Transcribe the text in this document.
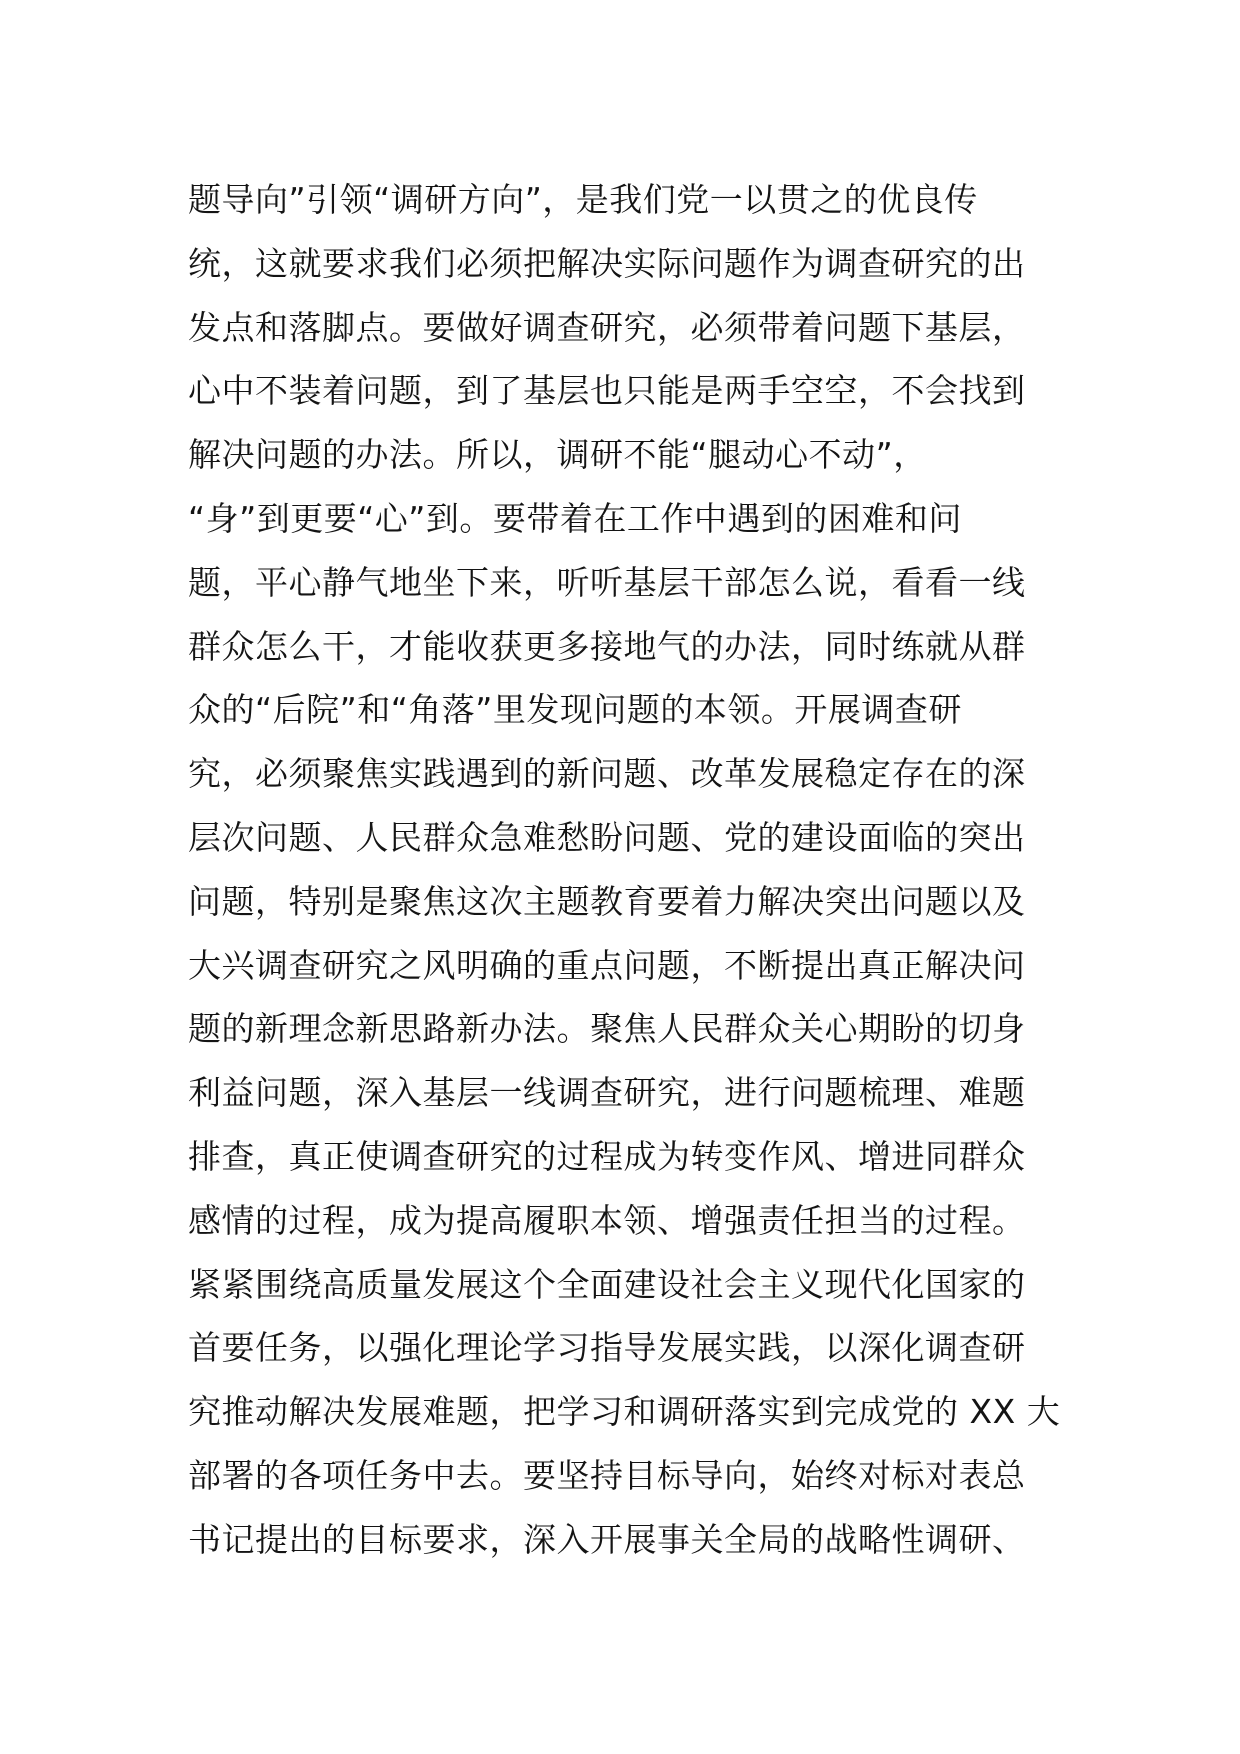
题导向”引领“调研方向”，是我们党一以贯之的优良传
统，这就要求我们必须把解决实际问题作为调查研究的出
发点和落脚点。要做好调查研究，必须带着问题下基层，
心中不装着问题，到了基层也只能是两手空空，不会找到
解决问题的办法。所以，调研不能“腿动心不动”，
“身”到更要“心”到。要带着在工作中遇到的困难和问
题，平心静气地坐下来，听听基层干部怎么说，看看一线
群众怎么干，才能收获更多接地气的办法，同时练就从群
众的“后院”和“角落”里发现问题的本领。开展调查研
究，必须聚焦实践遇到的新问题、改革发展稳定存在的深
层次问题、人民群众急难愁盼问题、党的建设面临的突出
问题，特别是聚焦这次主题教育要着力解决突出问题以及
大兴调查研究之风明确的重点问题，不断提出真正解决问
题的新理念新思路新办法。聚焦人民群众关心期盼的切身
利益问题，深入基层一线调查研究，进行问题梳理、难题
排查，真正使调查研究的过程成为转变作风、增进同群众
感情的过程，成为提高履职本领、增强责任担当的过程。
紧紧围绕高质量发展这个全面建设社会主义现代化国家的
首要任务，以强化理论学习指导发展实践，以深化调查研
究推动解决发展难题，把学习和调研落实到完成党的 XX 大
部署的各项任务中去。要坚持目标导向，始终对标对表总
书记提出的目标要求，深入开展事关全局的战略性调研、
